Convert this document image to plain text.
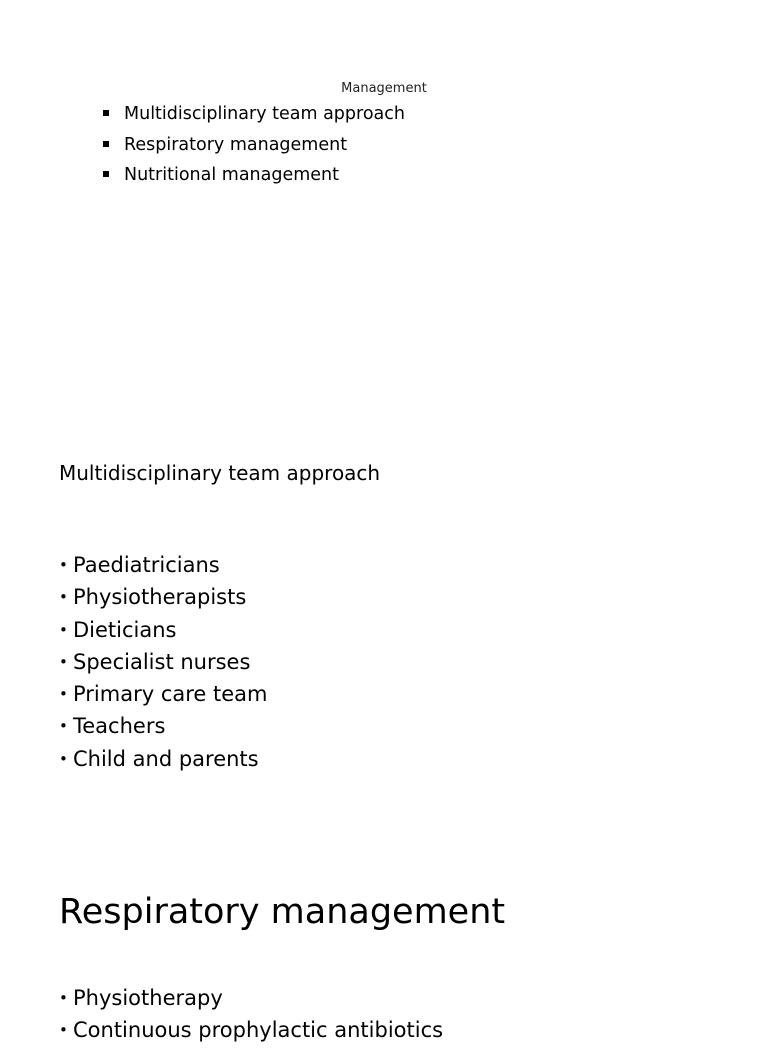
Management
Multidisciplinary team approach
Respiratory management
Nutritional management
Multidisciplinary team approach
• Paediatricians
• Physiotherapists
• Dieticians
• Specialist nurses
• Primary care team
• Teachers
• Child and parents
Respiratory management
• Physiotherapy
• Continuous prophylactic antibiotics
